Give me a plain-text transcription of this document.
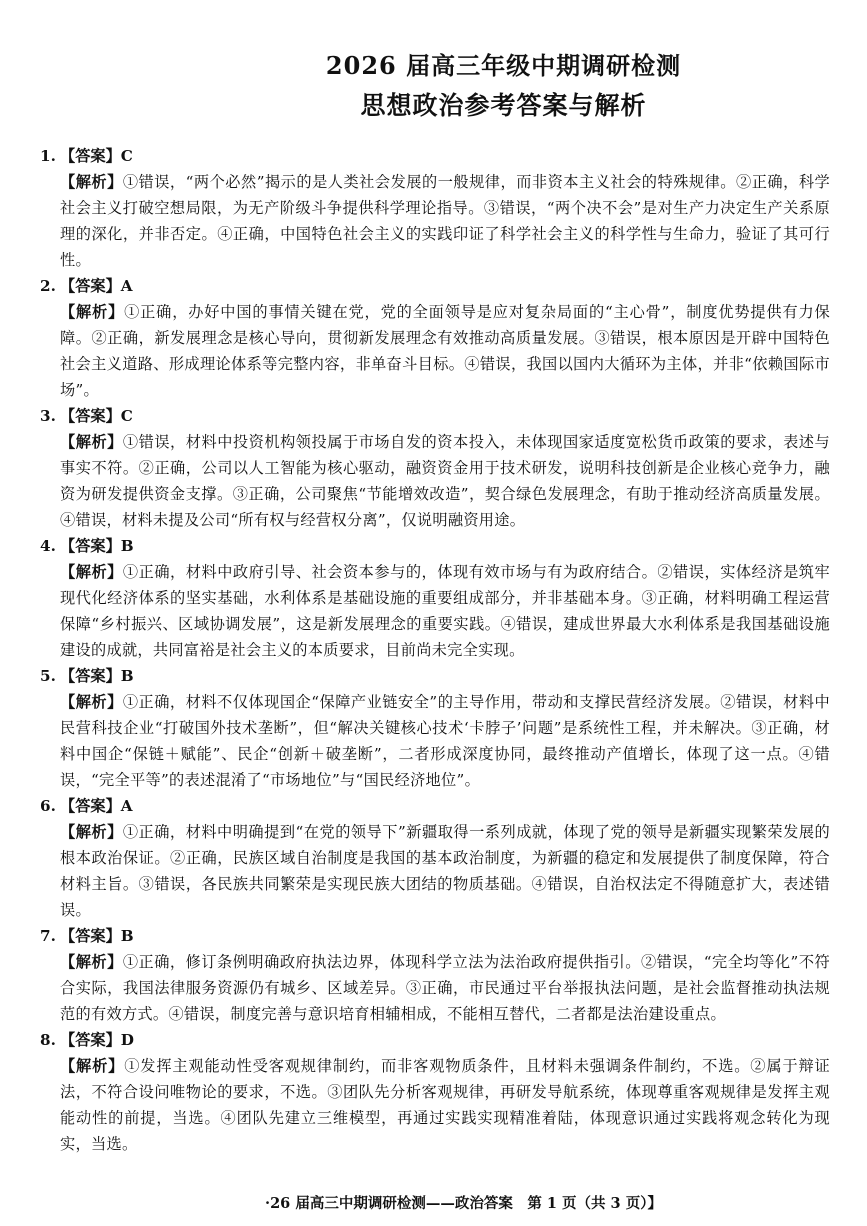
2026 届高三年级中期调研检测
思想政治参考答案与解析
1. 【答案】C
【解析】①错误，“两个必然”揭示的是人类社会发展的一般规律，而非资本主义社会的特殊规律。②正确，科学社会主义打破空想局限，为无产阶级斗争提供科学理论指导。③错误，“两个决不会”是对生产力决定生产关系原理的深化，并非否定。④正确，中国特色社会主义的实践印证了科学社会主义的科学性与生命力，验证了其可行性。
2. 【答案】A
【解析】①正确，办好中国的事情关键在党，党的全面领导是应对复杂局面的“主心骨”，制度优势提供有力保障。②正确，新发展理念是核心导向，贯彻新发展理念有效推动高质量发展。③错误，根本原因是开辟中国特色社会主义道路、形成理论体系等完整内容，非单奋斗目标。④错误，我国以国内大循环为主体，并非“依赖国际市场”。
3. 【答案】C
【解析】①错误，材料中投资机构领投属于市场自发的资本投入，未体现国家适度宽松货币政策的要求，表述与事实不符。②正确，公司以人工智能为核心驱动，融资资金用于技术研发，说明科技创新是企业核心竞争力，融资为研发提供资金支撑。③正确，公司聚焦“节能增效改造”，契合绿色发展理念，有助于推动经济高质量发展。④错误，材料未提及公司“所有权与经营权分离”，仅说明融资用途。
4. 【答案】B
【解析】①正确，材料中政府引导、社会资本参与的，体现有效市场与有为政府结合。②错误，实体经济是筑牢现代化经济体系的坚实基础，水利体系是基础设施的重要组成部分，并非基础本身。③正确，材料明确工程运营保障“乡村振兴、区域协调发展”，这是新发展理念的重要实践。④错误，建成世界最大水利体系是我国基础设施建设的成就，共同富裕是社会主义的本质要求，目前尚未完全实现。
5. 【答案】B
【解析】①正确，材料不仅体现国企“保障产业链安全”的主导作用，带动和支撑民营经济发展。②错误，材料中民营科技企业“打破国外技术垄断”，但“解决关键核心技术‘卡脖子’问题”是系统性工程，并未解决。③正确，材料中国企“保链＋赋能”、民企“创新＋破垄断”，二者形成深度协同，最终推动产值增长，体现了这一点。④错误，“完全平等”的表述混淆了“市场地位”与“国民经济地位”。
6. 【答案】A
【解析】①正确，材料中明确提到“在党的领导下”新疆取得一系列成就，体现了党的领导是新疆实现繁荣发展的根本政治保证。②正确，民族区域自治制度是我国的基本政治制度，为新疆的稳定和发展提供了制度保障，符合材料主旨。③错误，各民族共同繁荣是实现民族大团结的物质基础。④错误，自治权法定不得随意扩大，表述错误。
7. 【答案】B
【解析】①正确，修订条例明确政府执法边界，体现科学立法为法治政府提供指引。②错误，“完全均等化”不符合实际，我国法律服务资源仍有城乡、区域差异。③正确，市民通过平台举报执法问题，是社会监督推动执法规范的有效方式。④错误，制度完善与意识培育相辅相成，不能相互替代，二者都是法治建设重点。
8. 【答案】D
【解析】①发挥主观能动性受客观规律制约，而非客观物质条件，且材料未强调条件制约，不选。②属于辩证法，不符合设问唯物论的要求，不选。③团队先分析客观规律，再研发导航系统，体现尊重客观规律是发挥主观能动性的前提，当选。④团队先建立三维模型，再通过实践实现精准着陆，体现意识通过实践将观念转化为现实，当选。
·26 届高三中期调研检测——政治答案　第 1 页（共 3 页）】
